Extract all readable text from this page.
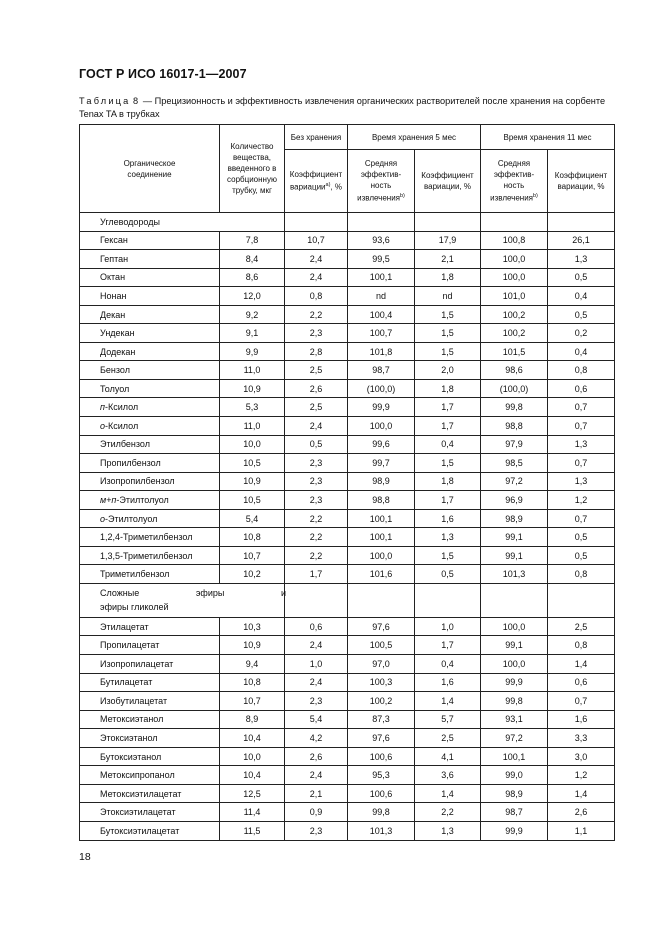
ГОСТ Р ИСО 16017-1—2007
Таблица 8 — Прецизионность и эффективность извлечения органических растворителей после хранения на сорбенте Tenax TA в трубках
Органическое соединение	Количество вещества, введенного в сорбционную трубку, мкг	Без хранения	Время хранения 5 мес		Время хранения 11 мес	
		Коэффициент вариации$^{a)}$, %	Средняя эффектив-ность извлечения$^{b)}$	Коэффициент вариации, %	Средняя эффектив-ность извлечения$^{b)}$	Коэффициент вариации, %
Углеводороды						
Гексан	7,8	10,7	93,6	17,9	100,8	26,1
Гептан	8,4	2,4	99,5	2,1	100,0	1,3
Октан	8,6	2,4	100,1	1,8	100,0	0,5
Нонан	12,0	0,8	nd	nd	101,0	0,4
Декан	9,2	2,2	100,4	1,5	100,2	0,5
Ундекан	9,1	2,3	100,7	1,5	100,2	0,2
Додекан	9,9	2,8	101,8	1,5	101,5	0,4
Бензол	11,0	2,5	98,7	2,0	98,6	0,8
Толуол	10,9	2,6	(100,0)	1,8	(100,0)	0,6
п-Ксилол	5,3	2,5	99,9	1,7	99,8	0,7
о-Ксилол	11,0	2,4	100,0	1,7	98,8	0,7
Этилбензол	10,0	0,5	99,6	0,4	97,9	1,3
Пропилбензол	10,5	2,3	99,7	1,5	98,5	0,7
Изопропилбензол	10,9	2,3	98,9	1,8	97,2	1,3
м+п-Этилтолуол	10,5	2,3	98,8	1,7	96,9	1,2
о-Этилтолуол	5,4	2,2	100,1	1,6	98,9	0,7
1,2,4-Триметилбензол	10,8	2,2	100,1	1,3	99,1	0,5
1,3,5-Триметилбензол	10,7	2,2	100,0	1,5	99,1	0,5
Триметилбензол	10,2	1,7	101,6	0,5	101,3	0,8

Сложные эфиры и
эфиры гликолей						

Этилацетат	10,3	0,6	97,6	1,0	100,0	2,5
Пропилацетат	10,9	2,4	100,5	1,7	99,1	0,8
Изопропилацетат	9,4	1,0	97,0	0,4	100,0	1,4
Бутилацетат	10,8	2,4	100,3	1,6	99,9	0,6
Изобутилацетат	10,7	2,3	100,2	1,4	99,8	0,7
Метоксиэтанол	8,9	5,4	87,3	5,7	93,1	1,6
Этоксиэтанол	10,4	4,2	97,6	2,5	97,2	3,3
Бутоксиэтанол	10,0	2,6	100,6	4,1	100,1	3,0
Метоксипропанол	10,4	2,4	95,3	3,6	99,0	1,2
Метоксиэтилацетат	12,5	2,1	100,6	1,4	98,9	1,4
Этоксиэтилацетат	11,4	0,9	99,8	2,2	98,7	2,6
Бутоксиэтилацетат	11,5	2,3	101,3	1,3	99,9	1,1
18
